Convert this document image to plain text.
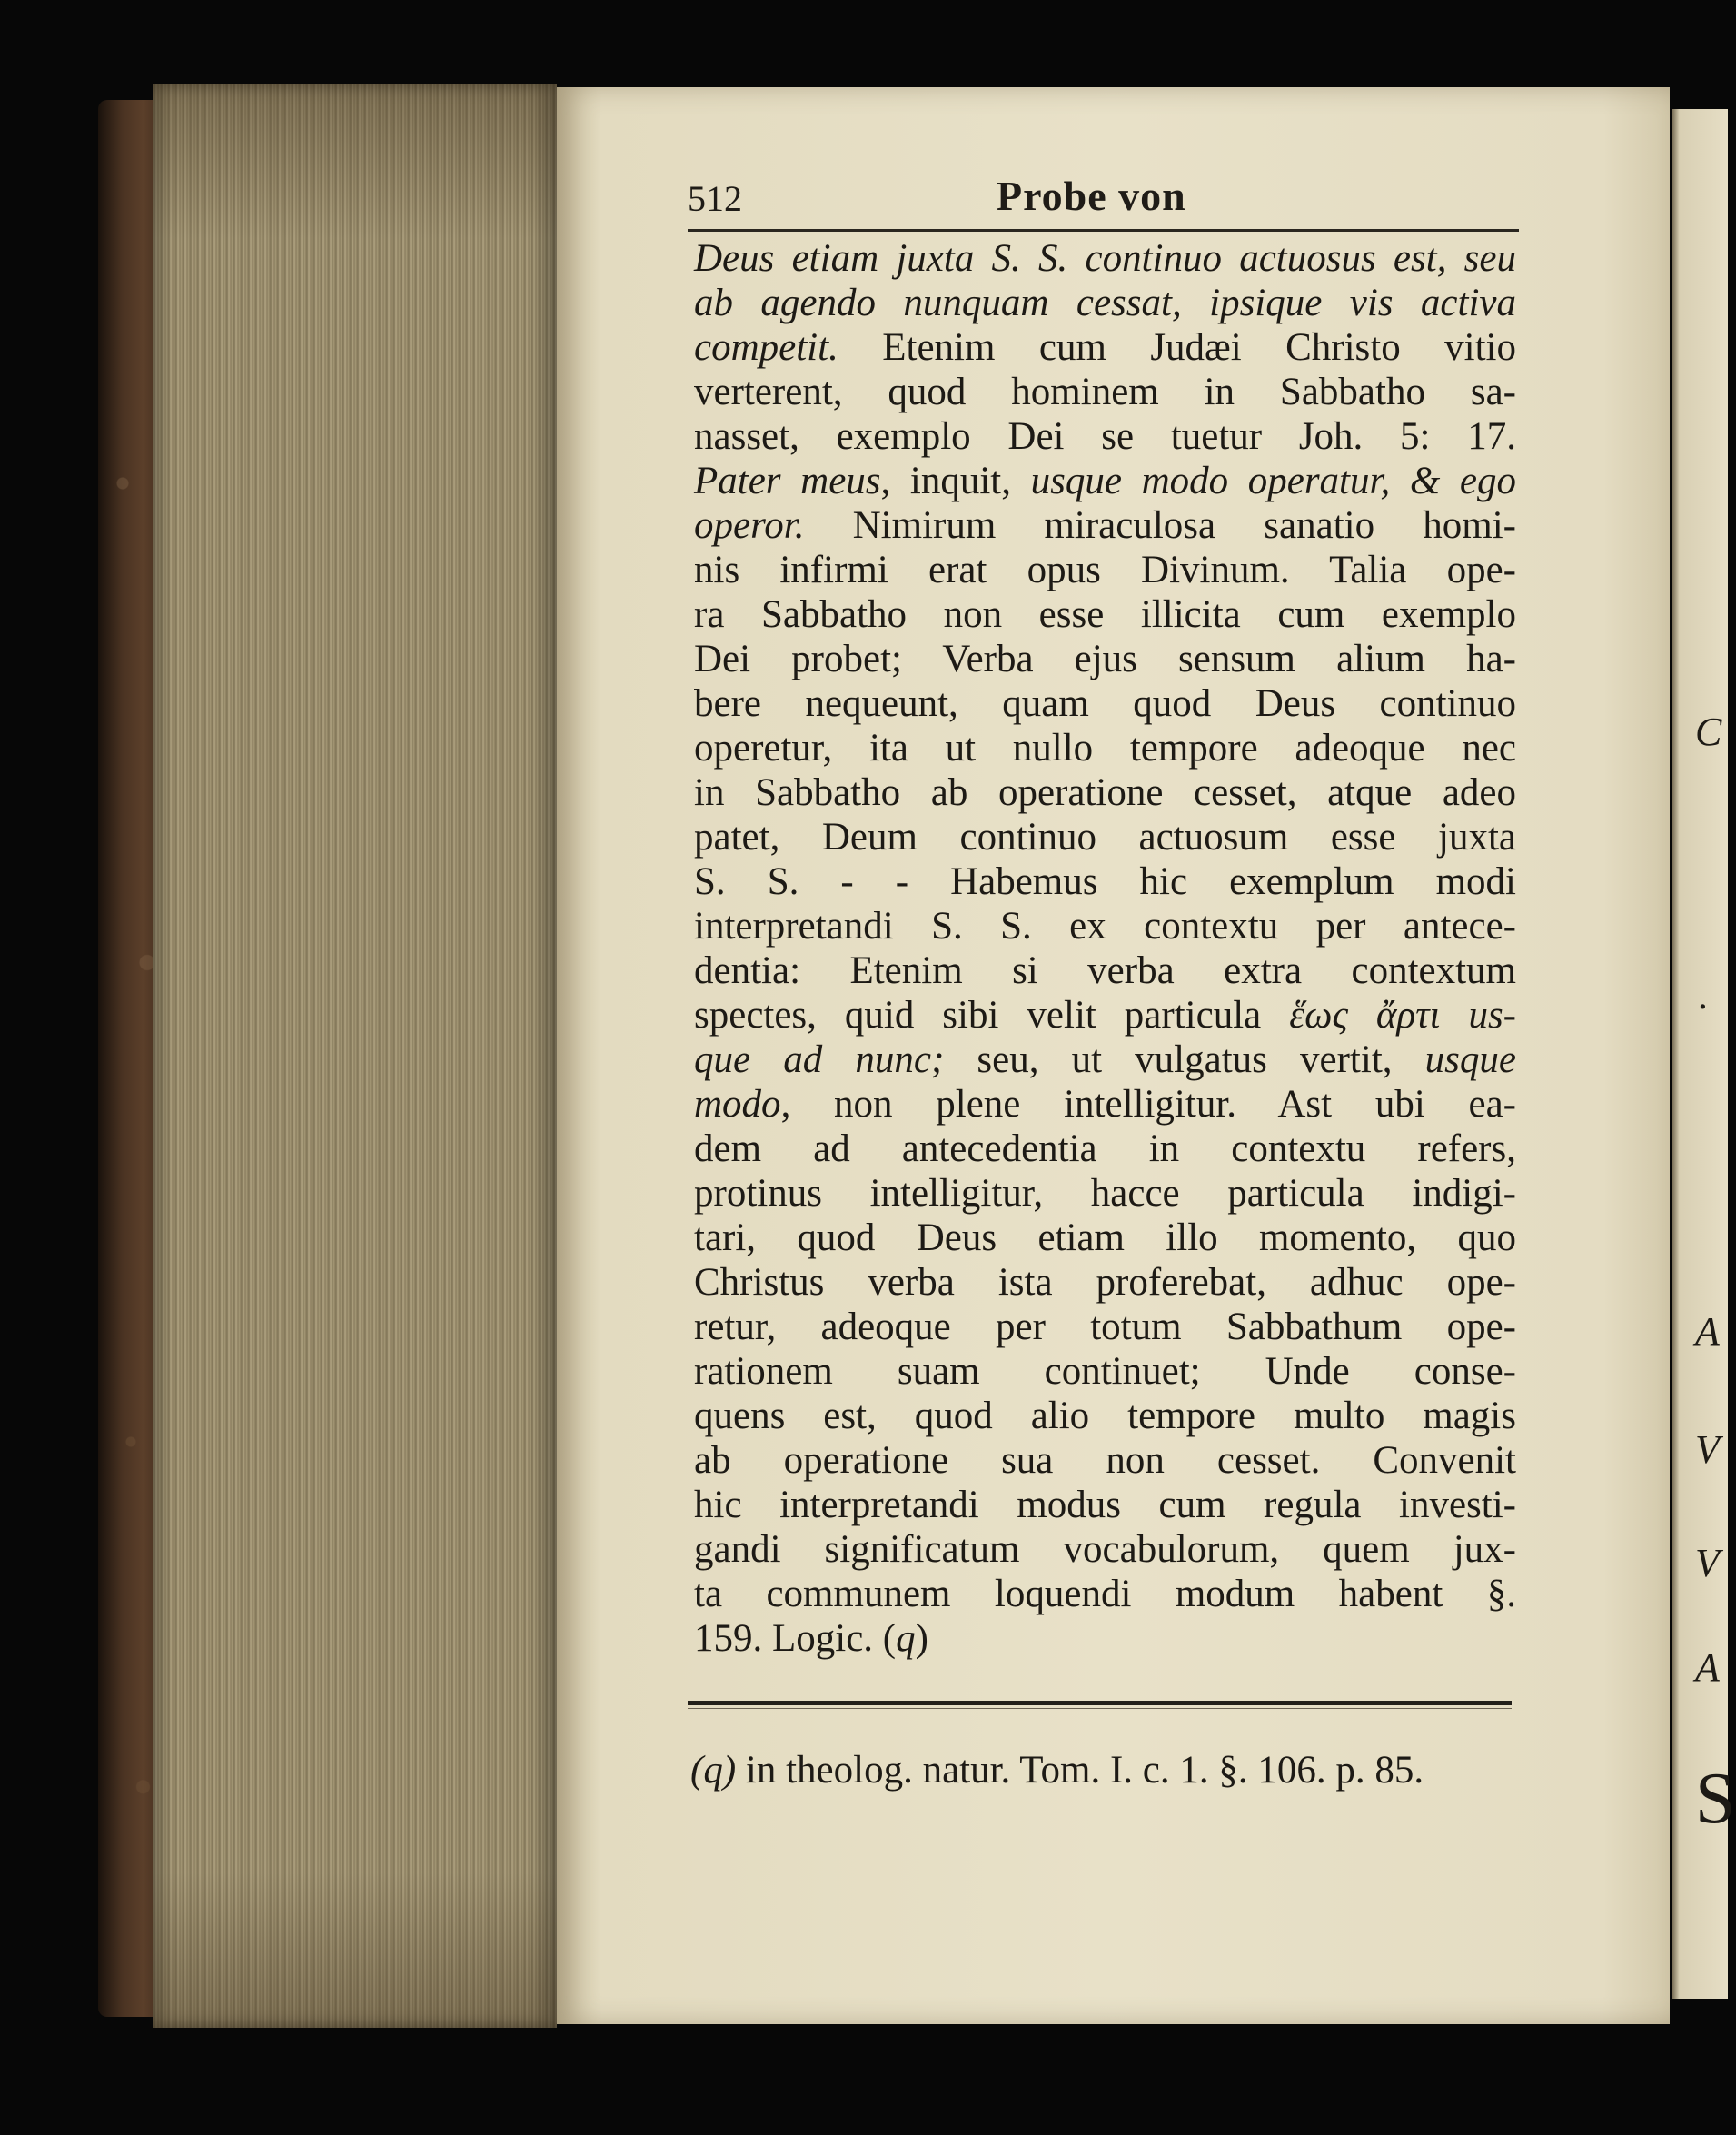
C
.
A
V
V
A
S
512	Probe von
Deus etiam juxta S. S. continuo actuosus est, seu
ab agendo nunquam cessat, ipsique vis activa
competit. Etenim cum Judæi Christo vitio
verterent, quod hominem in Sabbatho sa-
nasset, exemplo Dei se tuetur Joh. 5: 17.
Pater meus, inquit, usque modo operatur, & ego
operor. Nimirum miraculosa sanatio homi-
nis infirmi erat opus Divinum. Talia ope-
ra Sabbatho non esse illicita cum exemplo
Dei probet; Verba ejus sensum alium ha-
bere nequeunt, quam quod Deus continuo
operetur, ita ut nullo tempore adeoque nec
in Sabbatho ab operatione cesset, atque adeo
patet, Deum continuo actuosum esse juxta
S. S. - - Habemus hic exemplum modi
interpretandi S. S. ex contextu per antece-
dentia: Etenim si verba extra contextum
spectes, quid sibi velit particula ἕως ἄρτι us-
que ad nunc; seu, ut vulgatus vertit, usque
modo, non plene intelligitur. Ast ubi ea-
dem ad antecedentia in contextu refers,
protinus intelligitur, hacce particula indigi-
tari, quod Deus etiam illo momento, quo
Christus verba ista proferebat, adhuc ope-
retur, adeoque per totum Sabbathum ope-
rationem suam continuet; Unde conse-
quens est, quod alio tempore multo magis
ab operatione sua non cesset. Convenit
hic interpretandi modus cum regula investi-
gandi significatum vocabulorum, quem jux-
ta communem loquendi modum habent §.
159. Logic. (q)
(q) in theolog. natur. Tom. I. c. 1. §. 106. p. 85.
